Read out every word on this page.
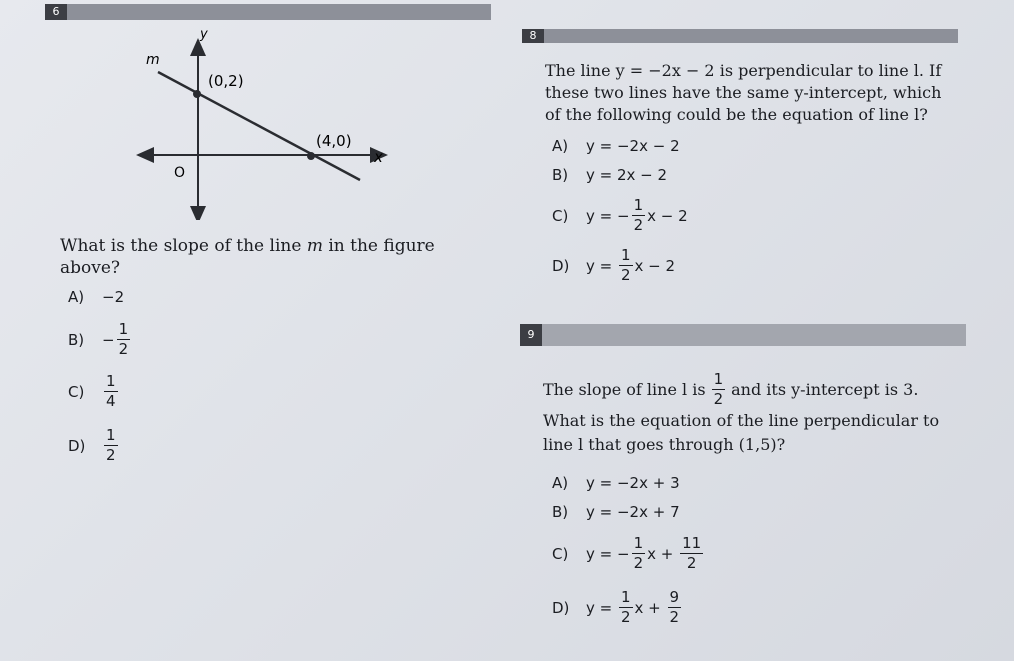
6
y
x
m
O
(0,2)
(4,0)
What is the slope of the line m in the figure
above?
A)	−2
B)	− $\frac{1}{2}$
C)	$\frac{1}{4}$
D)	$\frac{1}{2}$
8
The line y = −2x − 2 is perpendicular to line l. If
these two lines have the same y-intercept, which
of the following could be the equation of line l?
A)	y = −2x − 2
B)	y = 2x − 2
C)	y = − $\frac{1}{2}$ x − 2
D)	$y = \frac{1}{2}$ x − 2
9
The slope of line l is $\frac{1}{2}$ and its y-intercept is 3.
What is the equation of the line perpendicular to
line l that goes through (1,5)?
A)	y = −2x + 3
B)	y = −2x + 7
C)	y = − $\frac{1}{2}$ $x + \frac{11}{2}$
D)	$y = \frac{1}{2}$ $x + \frac{9}{2}$
